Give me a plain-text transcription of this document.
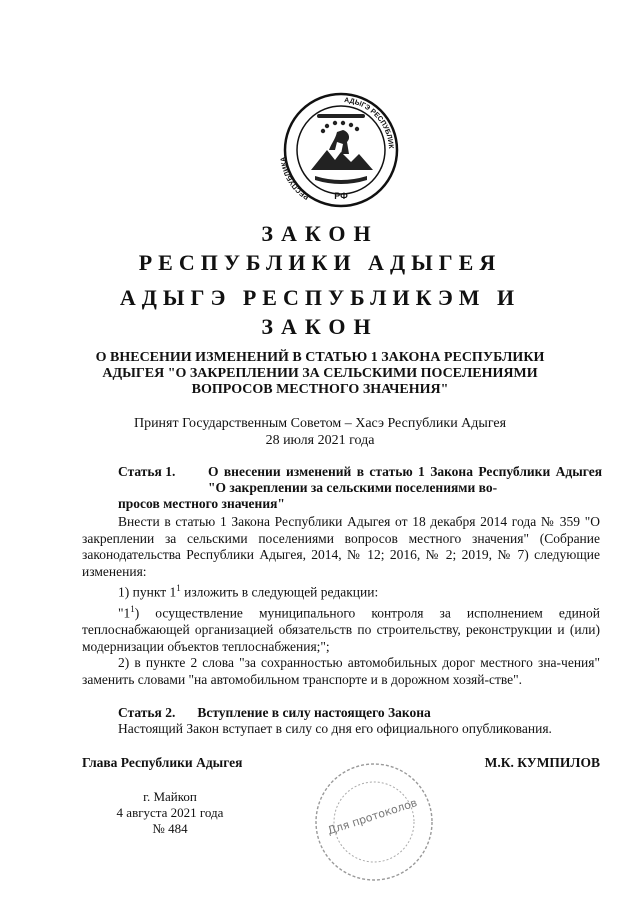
РФ
АДЫГЭ РЕСПУБЛИК
РЕСПУБЛИКА
ЗАКОН
РЕСПУБЛИКИ АДЫГЕЯ
АДЫГЭ РЕСПУБЛИКЭМ И
ЗАКОН
О ВНЕСЕНИИ ИЗМЕНЕНИЙ В СТАТЬЮ 1 ЗАКОНА РЕСПУБЛИКИ
АДЫГЕЯ "О ЗАКРЕПЛЕНИИ ЗА СЕЛЬСКИМИ ПОСЕЛЕНИЯМИ
ВОПРОСОВ МЕСТНОГО ЗНАЧЕНИЯ"
Принят Государственным Советом – Хасэ Республики Адыгея
28 июля 2021 года
Статья 1. О внесении изменений в статью 1 Закона Республики Адыгея "О закреплении за сельскими поселениями во-
просов местного значения"

Внести в статью 1 Закона Республики Адыгея от 18 декабря 2014 года № 359 "О закреплении за сельскими поселениями вопросов местного значения" (Собрание законодательства Республики Адыгея, 2014, № 12; 2016, № 2; 2019, № 7) следующие изменения:

1) пункт $1^1$ изложить в следующей редакции:

"$1^1$) осуществление муниципального контроля за исполнением единой теплоснабжающей организацией обязательств по строительству, реконструкции и (или) модернизации объектов теплоснабжения;";

2) в пункте 2 слова "за сохранностью автомобильных дорог местного зна-чения" заменить словами "на автомобильном транспорте и в дорожном хозяй-стве".

Статья 2. Вступление в силу настоящего Закона

Настоящий Закон вступает в силу со дня его официального опубликования.

Глава Республики Адыгея	М.К. КУМПИЛОВ
г. Майкоп
4 августа 2021 года
№ 484	Для протоколов
